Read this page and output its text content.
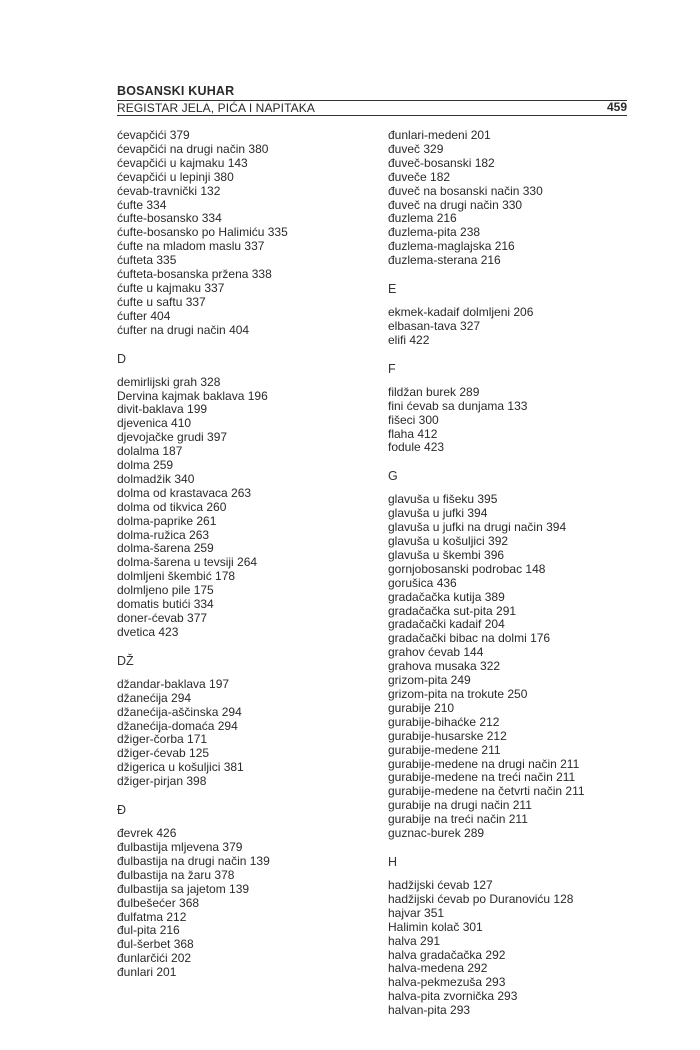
BOSANSKI KUHAR
REGISTAR JELA, PIĆA I NAPITAKA	459
ćevapčići 379
ćevapčići na drugi način 380
ćevapčići u kajmaku 143
ćevapčići u lepinji 380
ćevab-travnički 132
ćufte 334
ćufte-bosansko 334
ćufte-bosansko po Halimiću 335
ćufte na mladom maslu 337
ćufteta 335
ćufteta-bosanska pržena 338
ćufte u kajmaku 337
ćufte u saftu 337
ćufter 404
ćufter na drugi način 404
D
demirlijski grah 328
Dervina kajmak baklava 196
divit-baklava 199
djevenica 410
djevojačke grudi 397
dolalma 187
dolma 259
dolmadžik 340
dolma od krastavaca 263
dolma od tikvica 260
dolma-paprike 261
dolma-ružica 263
dolma-šarena 259
dolma-šarena u tevsiji 264
dolmljeni škembić 178
dolmljeno pile 175
domatis butići 334
doner-ćevab 377
dvetica 423
DŽ
džandar-baklava 197
džanećija 294
džanećija-aščinska 294
džanećija-domaća 294
džiger-čorba 171
džiger-ćevab 125
džigerica u košuljici 381
džiger-pirjan 398
Đ
đevrek 426
đulbastija mljevena 379
đulbastija na drugi način 139
đulbastija na žaru 378
đulbastija sa jajetom 139
đulbešećer 368
đulfatma 212
đul-pita 216
đul-šerbet 368
đunlarčići 202
đunlari 201
đunlari-medeni 201
đuveč 329
đuveč-bosanski 182
đuveče 182
đuveč na bosanski način 330
đuveč na drugi način 330
đuzlema 216
đuzlema-pita 238
đuzlema-maglajska 216
đuzlema-sterana 216
E
ekmek-kadaif dolmljeni 206
elbasan-tava 327
elifi 422
F
fildžan burek 289
fini ćevab sa dunjama 133
fišeci 300
flaha 412
fodule 423
G
glavuša u fišeku 395
glavuša u jufki 394
glavuša u jufki na drugi način 394
glavuša u košuljici 392
glavuša u škembi 396
gornjobosanski podrobac 148
gorušica 436
gradačačka kutija 389
gradačačka sut-pita 291
gradačački kadaif 204
gradačački bibac na dolmi 176
grahov ćevab 144
grahova musaka 322
grizom-pita 249
grizom-pita na trokute 250
gurabije 210
gurabije-bihaćke 212
gurabije-husarske 212
gurabije-medene 211
gurabije-medene na drugi način 211
gurabije-medene na treći način 211
gurabije-medene na četvrti način 211
gurabije na drugi način 211
gurabije na treći način 211
guznac-burek 289
H
hadžijski ćevab 127
hadžijski ćevab po Duranoviću 128
hajvar 351
Halimin kolač 301
halva 291
halva gradačačka 292
halva-medena 292
halva-pekmezuša 293
halva-pita zvornička 293
halvan-pita 293
